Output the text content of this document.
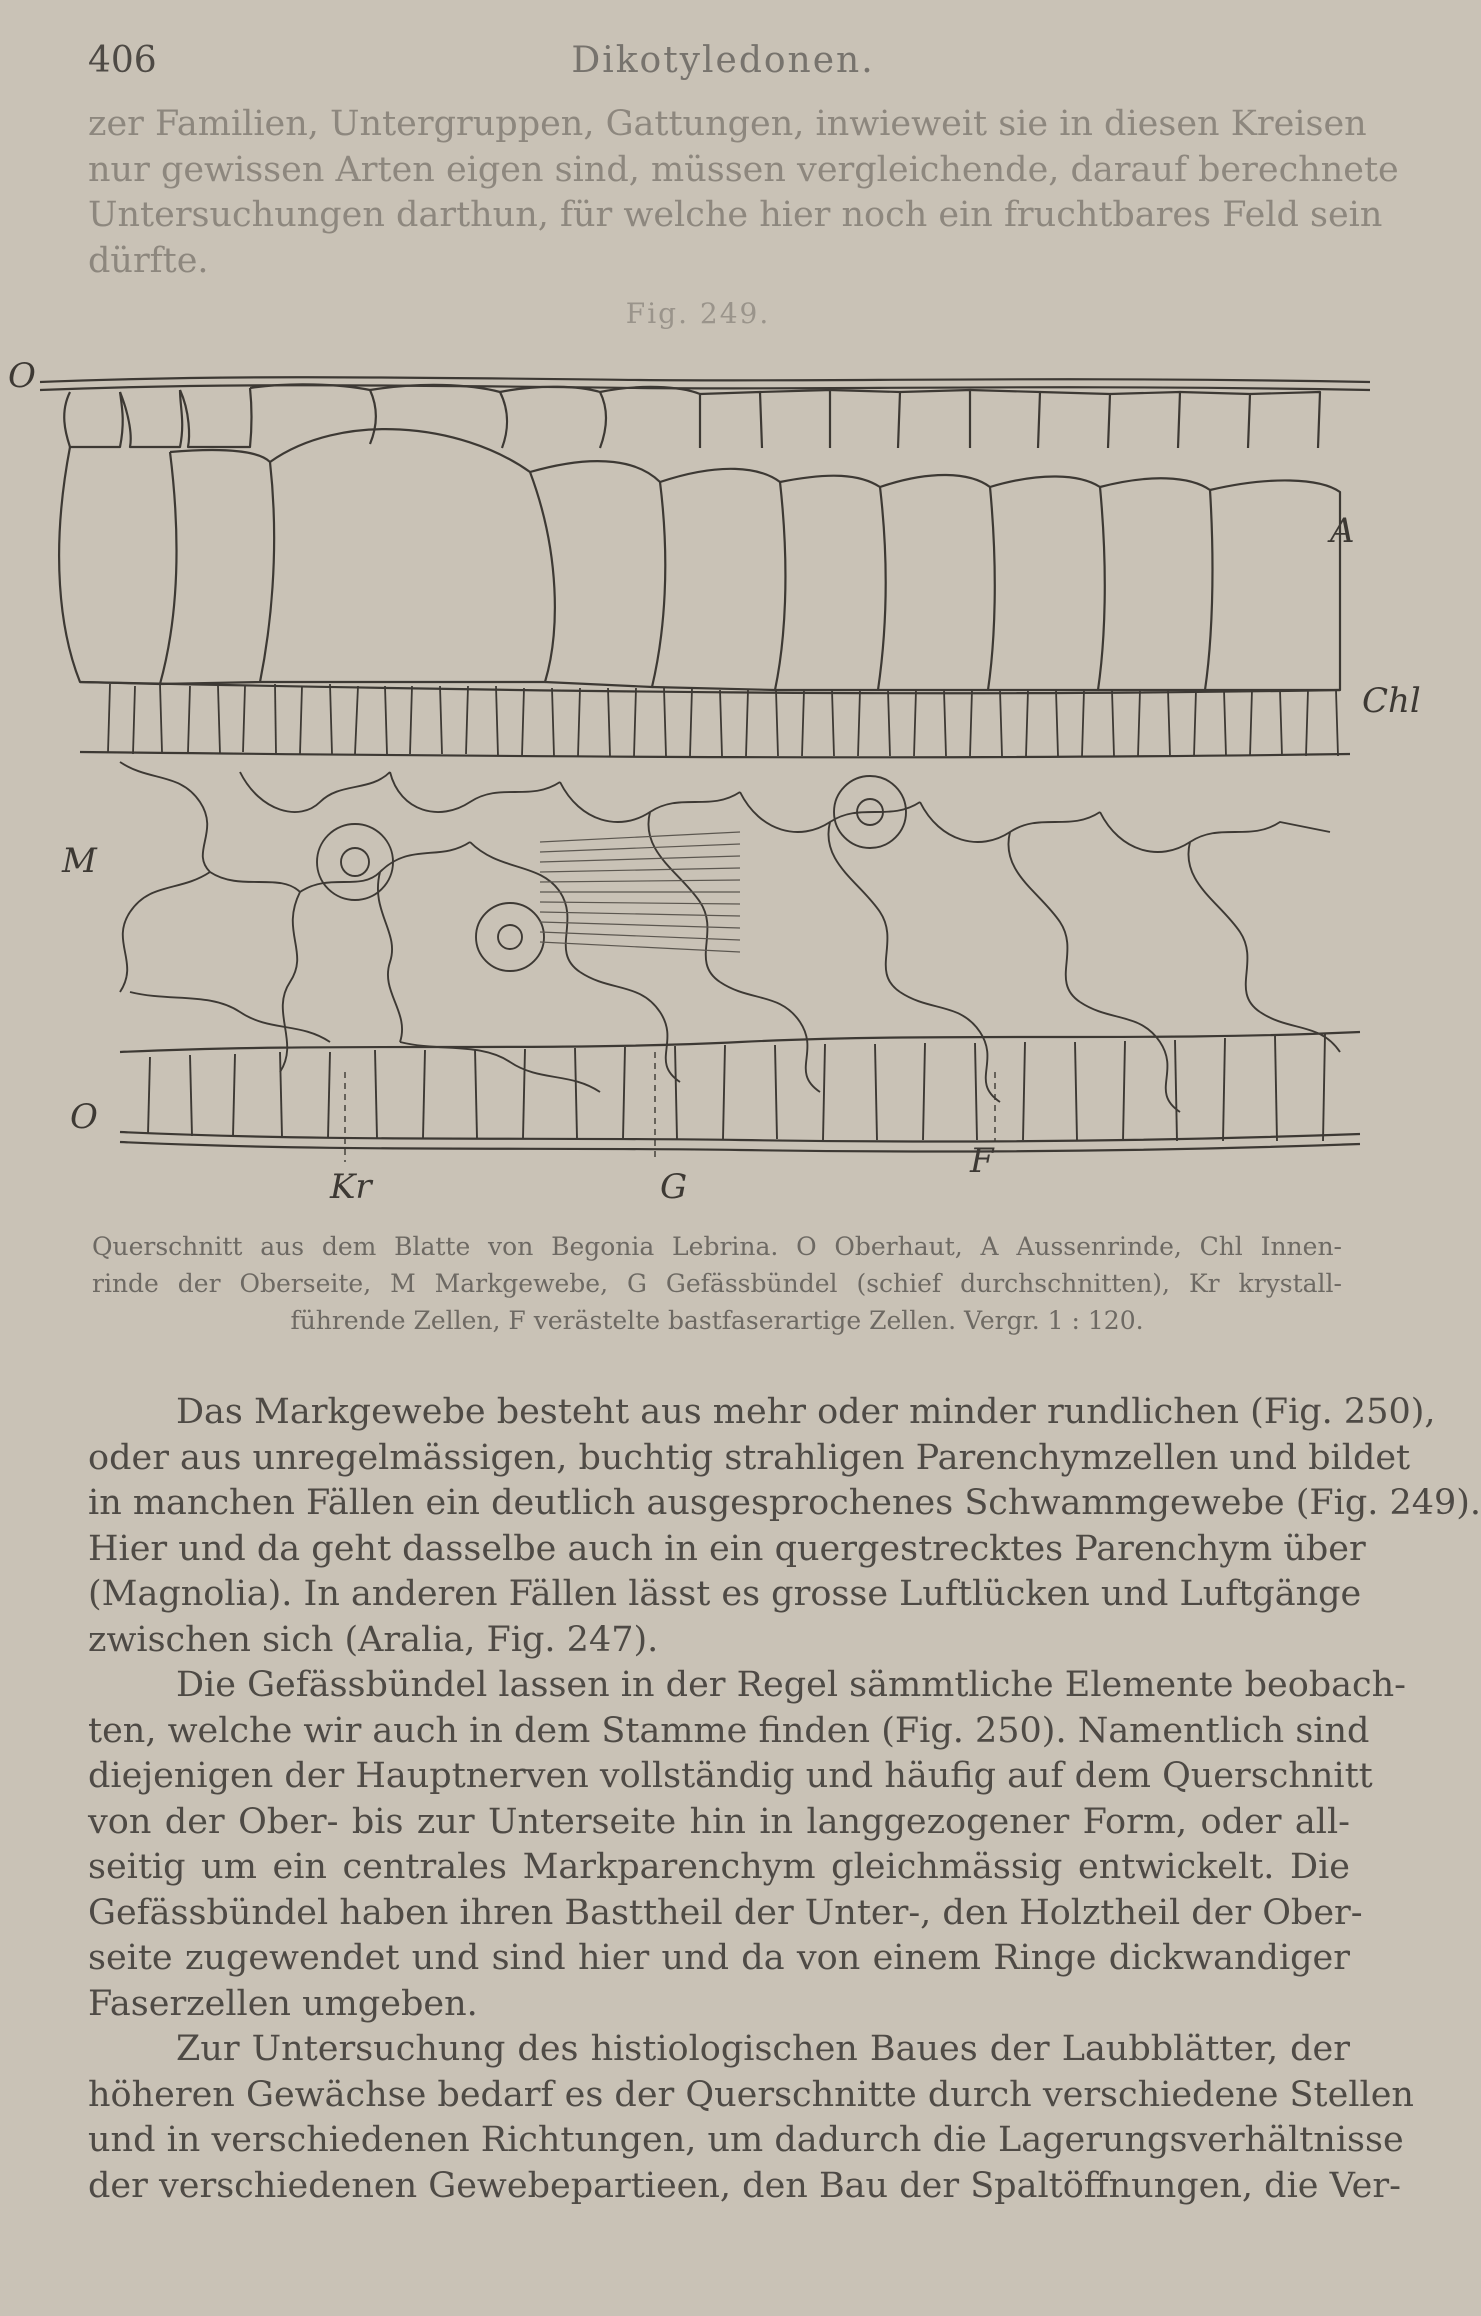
406	Dikotyledonen.
zer Familien, Untergruppen, Gattungen, inwieweit sie in diesen Kreisen
nur gewissen Arten eigen sind, müssen vergleichende, darauf berechnete
Untersuchungen darthun, für welche hier noch ein fruchtbares Feld sein
dürfte.
Fig. 249.
O
A
Chl
M
O
Kr	G
F
Querschnitt aus dem Blatte von Begonia Lebrina. O Oberhaut, A Aussenrinde, Chl Innen-
rinde der Oberseite, M Markgewebe, G Gefässbündel (schief durchschnitten), Kr krystall-
führende Zellen, F verästelte bastfaserartige Zellen. Vergr. 1 : 120.
Das Markgewebe besteht aus mehr oder minder rundlichen (Fig. 250),
oder aus unregelmässigen, buchtig strahligen Parenchymzellen und bildet
in manchen Fällen ein deutlich ausgesprochenes Schwammgewebe (Fig. 249).
Hier und da geht dasselbe auch in ein quergestrecktes Parenchym über
(Magnolia). In anderen Fällen lässt es grosse Luftlücken und Luftgänge
zwischen sich (Aralia, Fig. 247).
Die Gefässbündel lassen in der Regel sämmtliche Elemente beobach-
ten, welche wir auch in dem Stamme finden (Fig. 250). Namentlich sind
diejenigen der Hauptnerven vollständig und häufig auf dem Querschnitt
von der Ober- bis zur Unterseite hin in langgezogener Form, oder all-
seitig um ein centrales Markparenchym gleichmässig entwickelt. Die
Gefässbündel haben ihren Basttheil der Unter-, den Holztheil der Ober-
seite zugewendet und sind hier und da von einem Ringe dickwandiger
Faserzellen umgeben.
Zur Untersuchung des histiologischen Baues der Laubblätter, der
höheren Gewächse bedarf es der Querschnitte durch verschiedene Stellen
und in verschiedenen Richtungen, um dadurch die Lagerungsverhältnisse
der verschiedenen Gewebepartieen, den Bau der Spaltöffnungen, die Ver-
